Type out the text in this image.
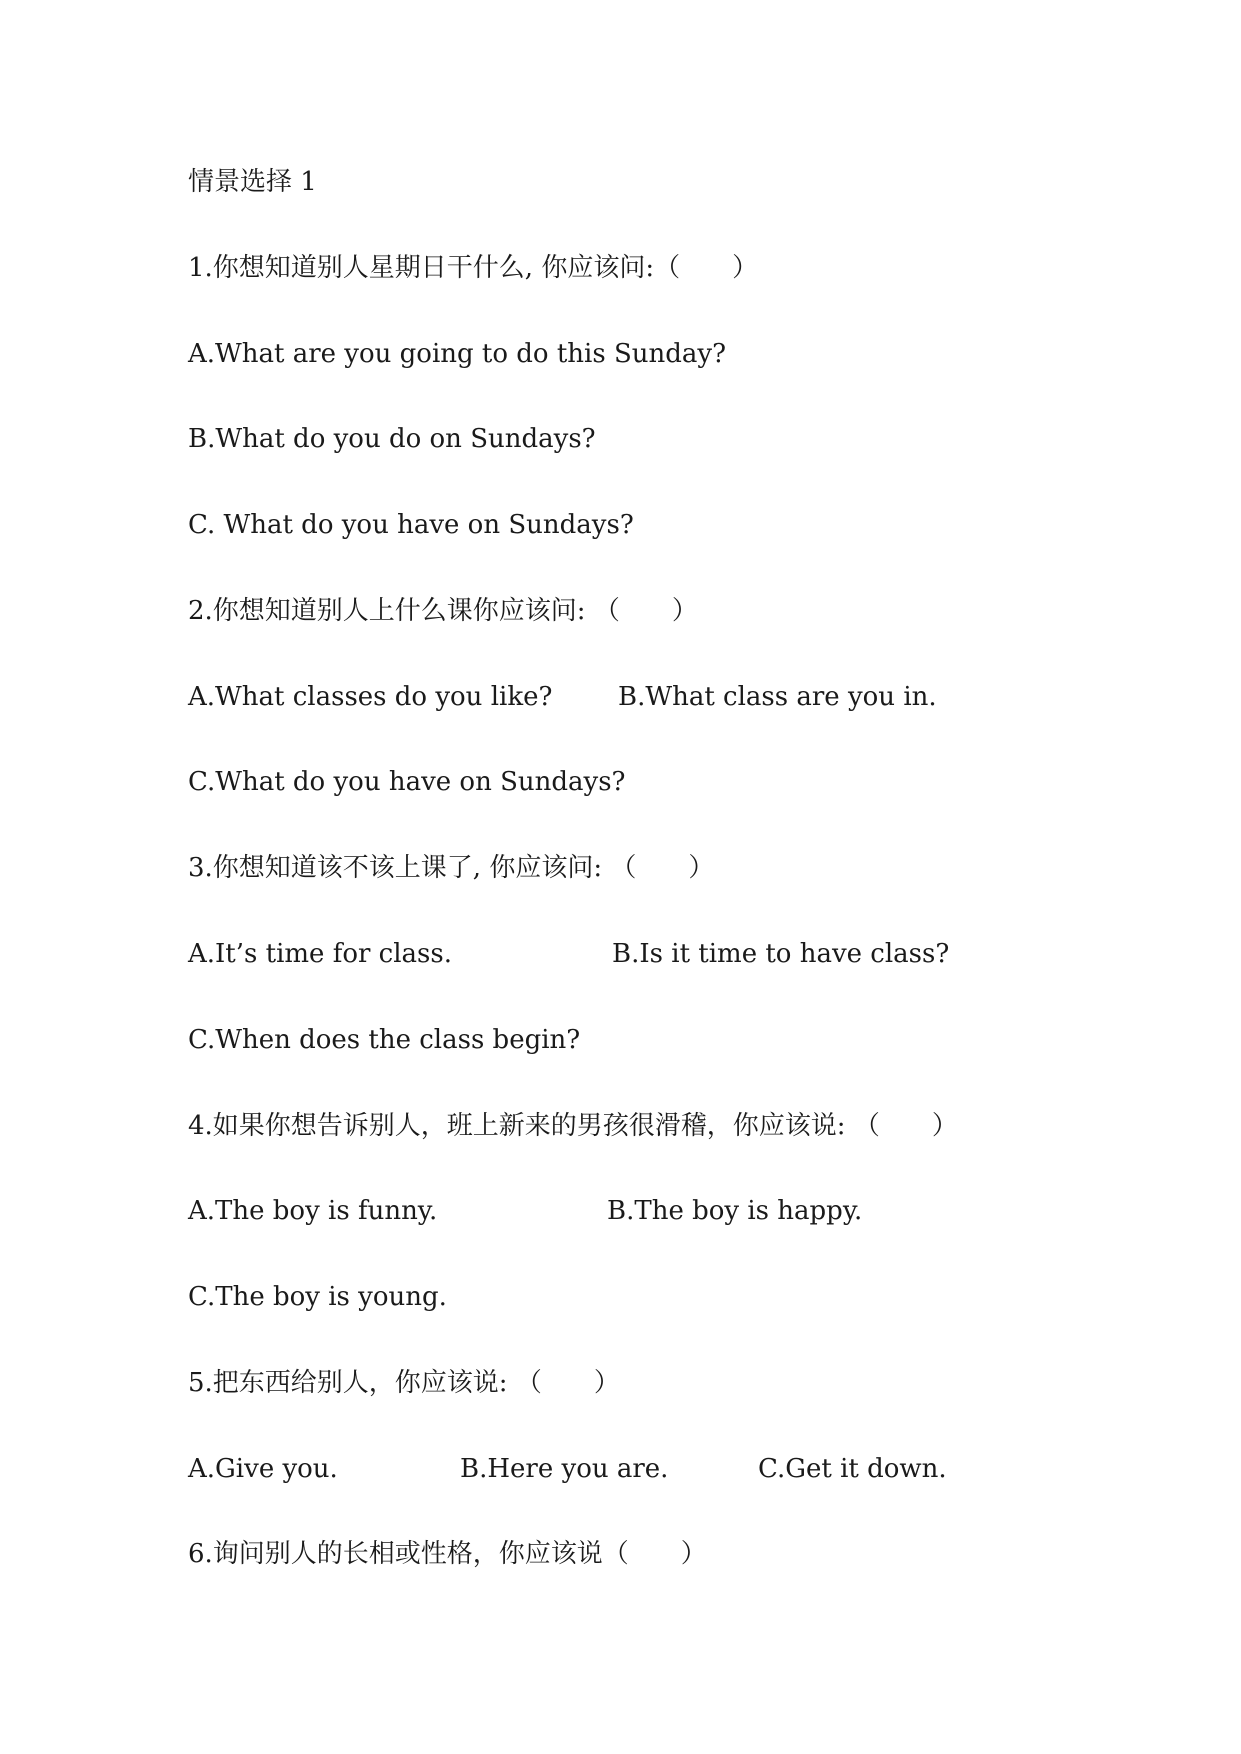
情景选择 1
1.你想知道别人星期日干什么, 你应该问:（　　）
A.What are you going to do this Sunday?
B.What do you do on Sundays?
C. What do you have on Sundays?
2.你想知道别人上什么课你应该问: （　　）
A.What classes do you like?	B.What class are you in.
C.What do you have on Sundays?
3.你想知道该不该上课了, 你应该问: （　　）
A.It’s time for class.	B.Is it time to have class?
C.When does the class begin?
4.如果你想告诉别人，班上新来的男孩很滑稽，你应该说: （　　）
A.The boy is funny.	B.The boy is happy.
C.The boy is young.
5.把东西给别人，你应该说: （　　）
A.Give you.	B.Here you are.	C.Get it down.
6.询问别人的长相或性格，你应该说（　　）
